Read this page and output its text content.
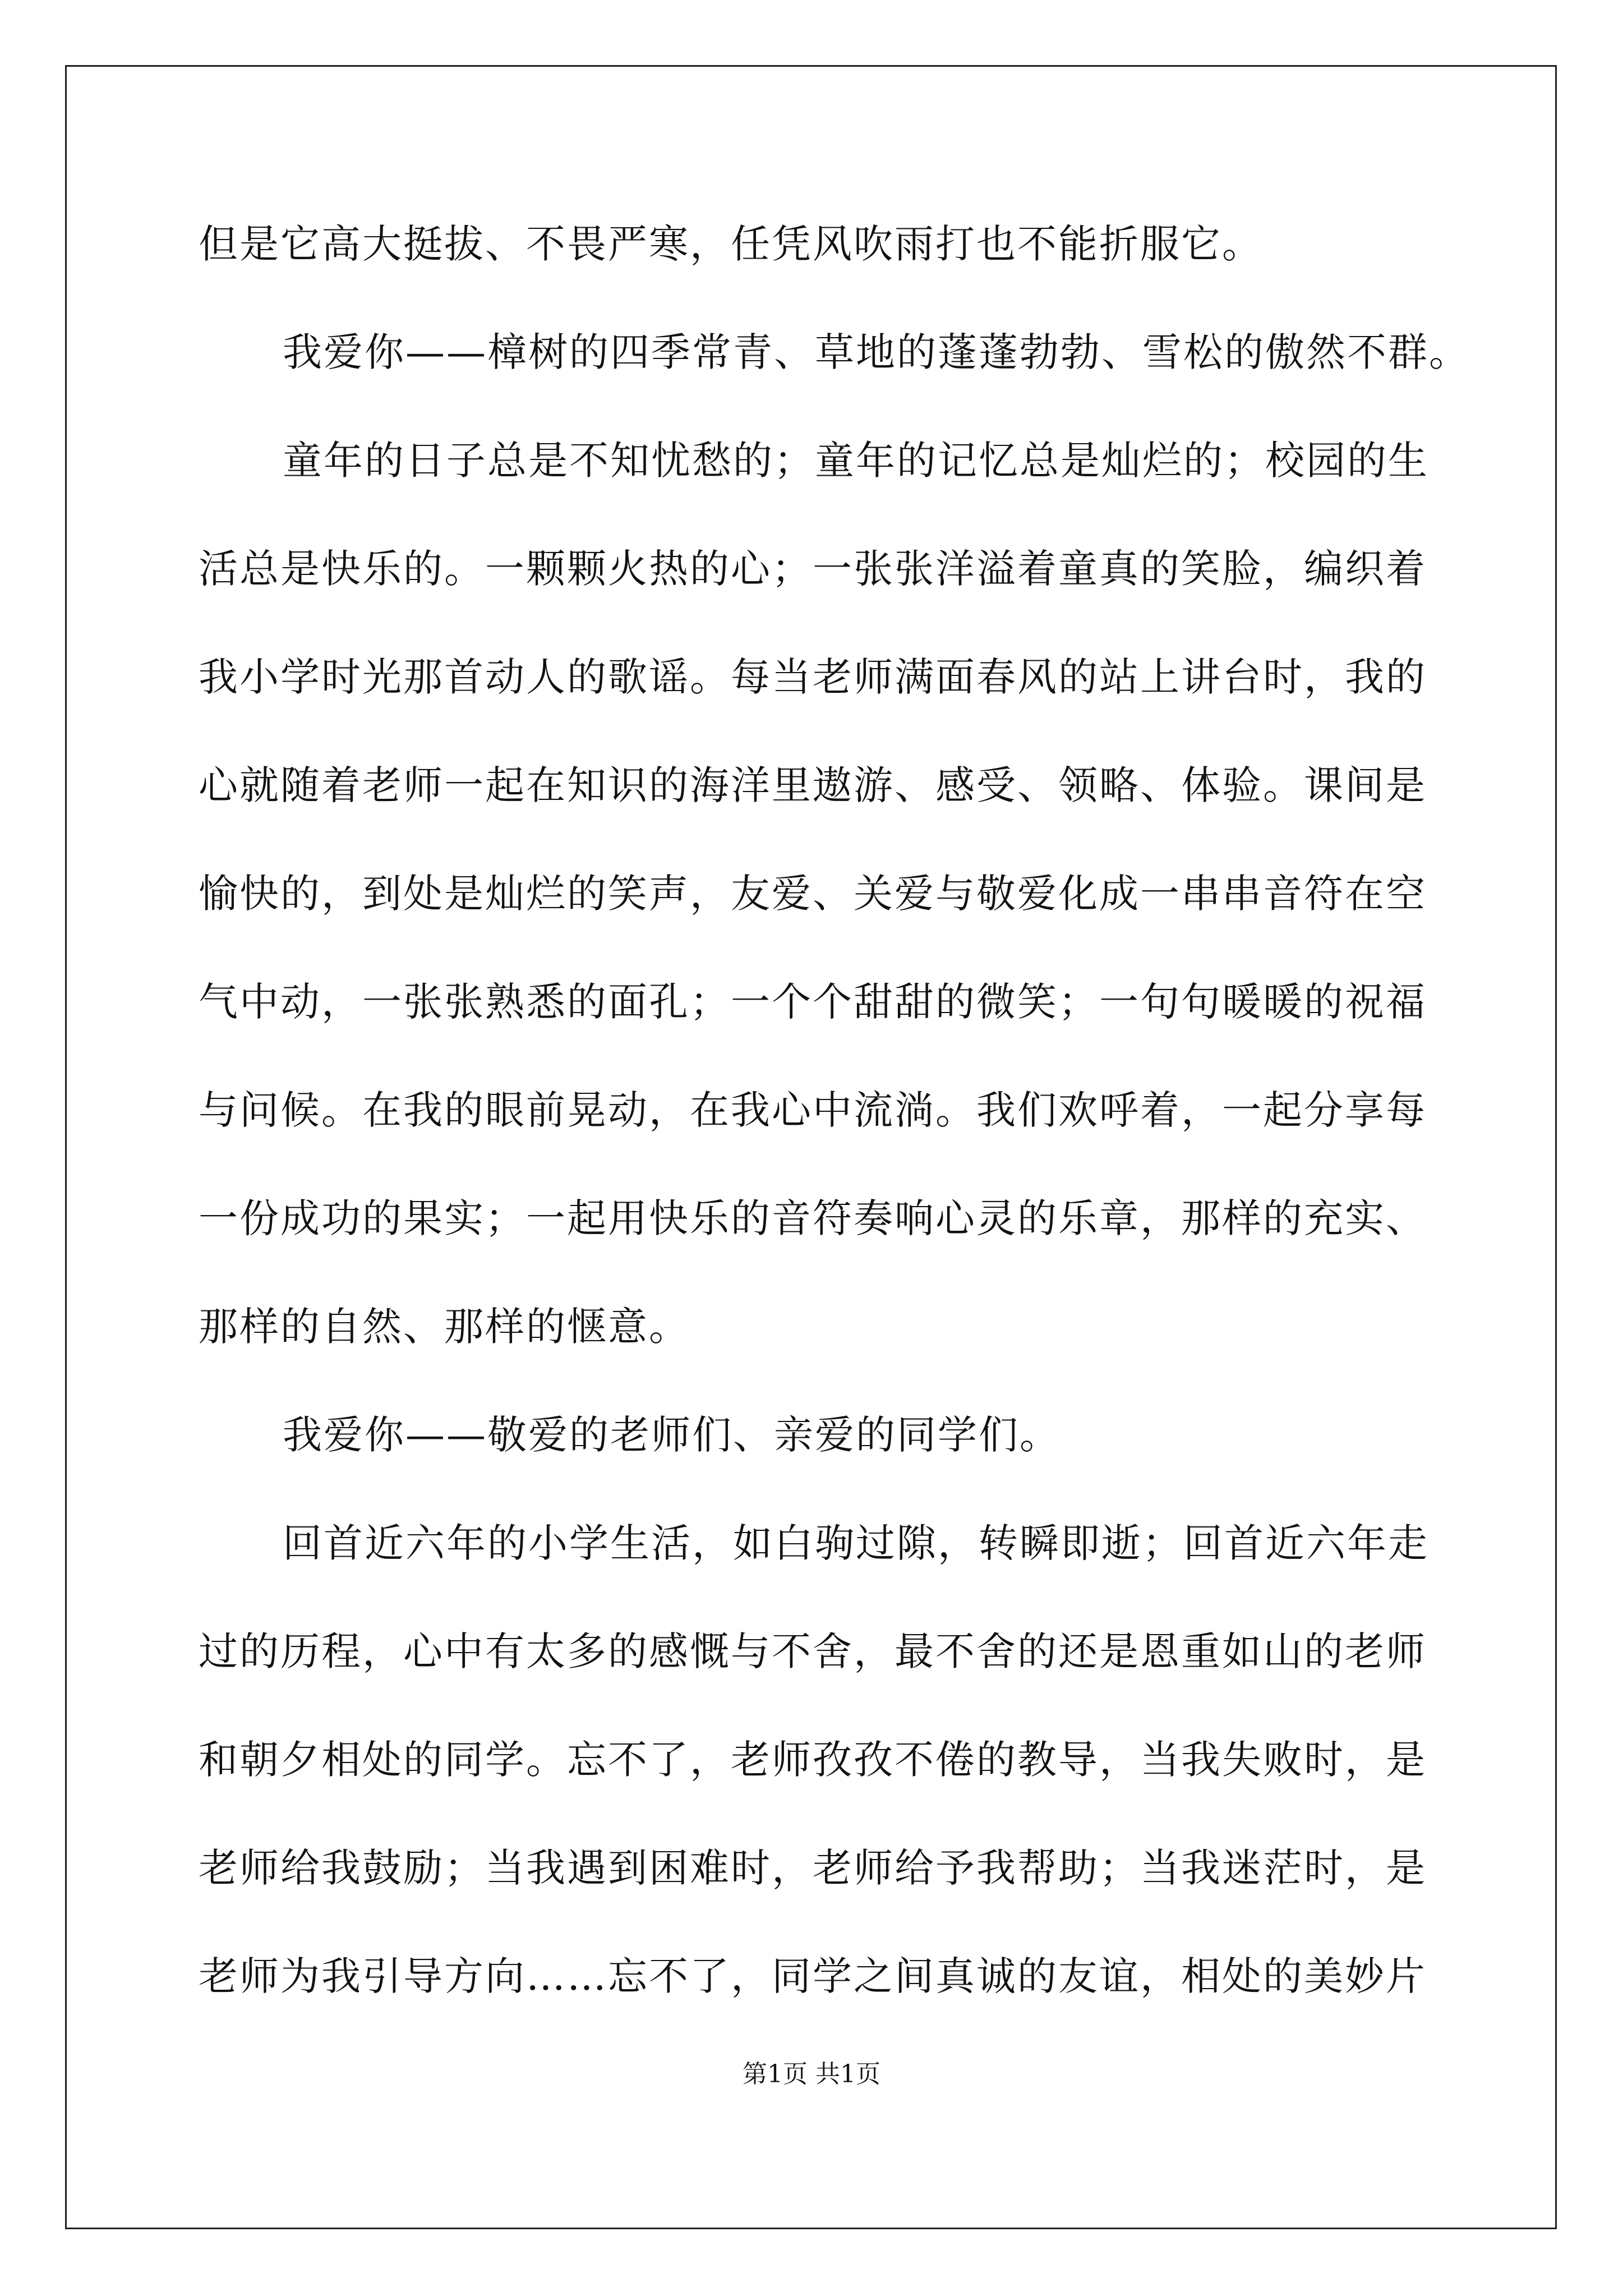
但是它高大挺拔、不畏严寒，任凭风吹雨打也不能折服它。
我爱你——樟树的四季常青、草地的蓬蓬勃勃、雪松的傲然不群。
童年的日子总是不知忧愁的；童年的记忆总是灿烂的；校园的生
活总是快乐的。一颗颗火热的心；一张张洋溢着童真的笑脸，编织着
我小学时光那首动人的歌谣。每当老师满面春风的站上讲台时，我的
心就随着老师一起在知识的海洋里遨游、感受、领略、体验。课间是
愉快的，到处是灿烂的笑声，友爱、关爱与敬爱化成一串串音符在空
气中动，一张张熟悉的面孔；一个个甜甜的微笑；一句句暖暖的祝福
与问候。在我的眼前晃动，在我心中流淌。我们欢呼着，一起分享每
一份成功的果实；一起用快乐的音符奏响心灵的乐章，那样的充实、
那样的自然、那样的惬意。
我爱你——敬爱的老师们、亲爱的同学们。
回首近六年的小学生活，如白驹过隙，转瞬即逝；回首近六年走
过的历程，心中有太多的感慨与不舍，最不舍的还是恩重如山的老师
和朝夕相处的同学。忘不了，老师孜孜不倦的教导，当我失败时，是
老师给我鼓励；当我遇到困难时，老师给予我帮助；当我迷茫时，是
老师为我引导方向……忘不了，同学之间真诚的友谊，相处的美妙片
第1页 共1页
